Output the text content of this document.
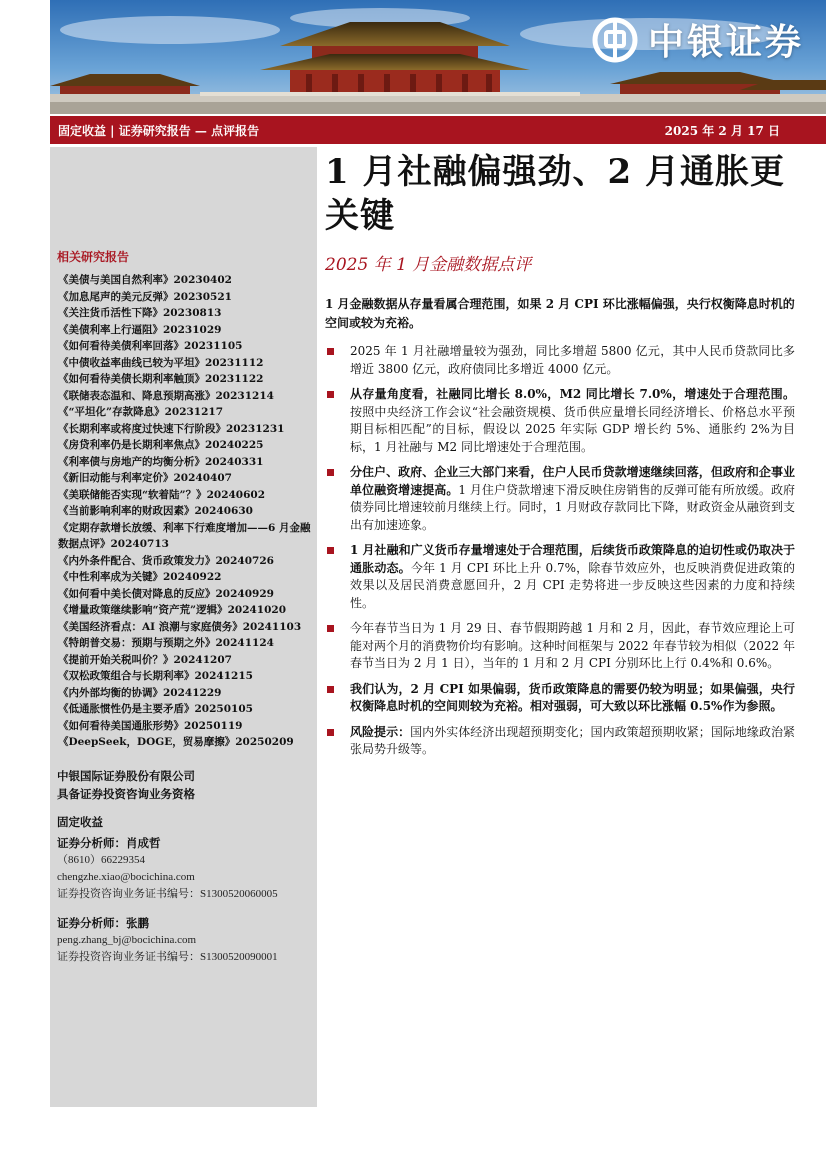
中银证券
固定收益 | 证券研究报告 — 点评报告	2025 年 2 月 17 日
相关研究报告
《美债与美国自然利率》20230402
《加息尾声的美元反弹》20230521
《关注货币活性下降》20230813
《美债利率上行逼阻》20231029
《如何看待美债利率回落》20231105
《中债收益率曲线已较为平坦》20231112
《如何看待美债长期利率触顶》20231122
《联储表态温和、降息预期高涨》20231214
《“平坦化”存款降息》20231217
《长期利率或将度过快速下行阶段》20231231
《房贷利率仍是长期利率焦点》20240225
《利率债与房地产的均衡分析》20240331
《新旧动能与利率定价》20240407
《美联储能否实现“软着陆”？》20240602
《当前影响利率的财政因素》20240630
《定期存款增长放缓、利率下行难度增加——6 月金融数据点评》20240713
《内外条件配合、货币政策发力》20240726
《中性利率成为关键》20240922
《如何看中美长债对降息的反应》20240929
《增量政策继续影响“资产荒”逻辑》20241020
《美国经济看点：AI 浪潮与家庭债务》20241103
《特朗普交易：预期与预期之外》20241124
《提前开始关税叫价？》20241207
《双松政策组合与长期利率》20241215
《内外部均衡的协调》20241229
《低通胀惯性仍是主要矛盾》20250105
《如何看待美国通胀形势》20250119
《DeepSeek，DOGE，贸易摩擦》20250209
中银国际证券股份有限公司
具备证券投资咨询业务资格
固定收益
证券分析师：肖成哲
（8610）66229354
chengzhe.xiao@bocichina.com
证券投资咨询业务证书编号：S1300520060005
证券分析师：张鹏
peng.zhang_bj@bocichina.com
证券投资咨询业务证书编号：S1300520090001
1 月社融偏强劲、2 月通胀更关键
2025 年 1 月金融数据点评
1 月金融数据从存量看属合理范围，如果 2 月 CPI 环比涨幅偏强，央行权衡降息时机的空间或较为充裕。
2025 年 1 月社融增量较为强劲，同比多增超 5800 亿元，其中人民币贷款同比多增近 3800 亿元，政府债同比多增近 4000 亿元。
从存量角度看，社融同比增长 8.0%，M2 同比增长 7.0%，增速处于合理范围。按照中央经济工作会议“社会融资规模、货币供应量增长同经济增长、价格总水平预期目标相匹配”的目标，假设以 2025 年实际 GDP 增长约 5%、通胀约 2%为目标，1 月社融与 M2 同比增速处于合理范围。
分住户、政府、企业三大部门来看，住户人民币贷款增速继续回落，但政府和企事业单位融资增速提高。1 月住户贷款增速下滑反映住房销售的反弹可能有所放缓。政府债券同比增速较前月继续上行。同时，1 月财政存款同比下降，财政资金从融资到支出有加速迹象。
1 月社融和广义货币存量增速处于合理范围，后续货币政策降息的迫切性或仍取决于通胀动态。今年 1 月 CPI 环比上升 0.7%，除春节效应外，也反映消费促进政策的效果以及居民消费意愿回升，2 月 CPI 走势将进一步反映这些因素的力度和持续性。
今年春节当日为 1 月 29 日、春节假期跨越 1 月和 2 月，因此，春节效应理论上可能对两个月的消费物价均有影响。这种时间框架与 2022 年春节较为相似（2022 年春节当日为 2 月 1 日），当年的 1 月和 2 月 CPI 分别环比上行 0.4%和 0.6%。
我们认为，2 月 CPI 如果偏弱，货币政策降息的需要仍较为明显；如果偏强，央行权衡降息时机的空间则较为充裕。相对强弱，可大致以环比涨幅 0.5%作为参照。
风险提示：国内外实体经济出现超预期变化；国内政策超预期收紧；国际地缘政治紧张局势升级等。
